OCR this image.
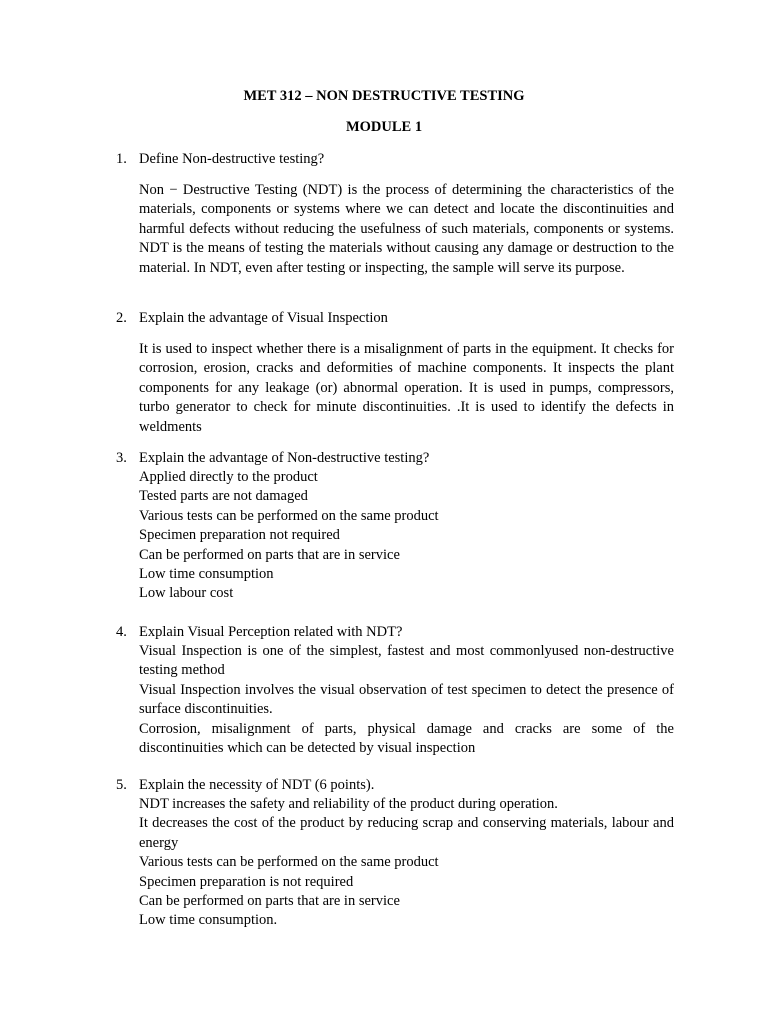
MET 312 – NON DESTRUCTIVE TESTING
MODULE 1
1. Define Non-destructive testing?
Non − Destructive Testing (NDT) is the process of determining the characteristics of the materials, components or systems where we can detect and locate the discontinuities and harmful defects without reducing the usefulness of such materials, components or systems. NDT is the means of testing the materials without causing any damage or destruction to the material. In NDT, even after testing or inspecting, the sample will serve its purpose.
2. Explain the advantage of Visual Inspection
It is used to inspect whether there is a misalignment of parts in the equipment. It checks for corrosion, erosion, cracks and deformities of machine components. It inspects the plant components for any leakage (or) abnormal operation. It is used in pumps, compressors, turbo generator to check for minute discontinuities. .It is used to identify the defects in weldments
3. Explain the advantage of Non-destructive testing?
Applied directly to the product
Tested parts are not damaged
Various tests can be performed on the same product
Specimen preparation not required
Can be performed on parts that are in service
Low time consumption
Low labour cost
4. Explain Visual Perception related with NDT?
Visual Inspection is one of the simplest, fastest and most commonlyused non-destructive testing method
Visual Inspection involves the visual observation of test specimen to detect the presence of surface discontinuities.
Corrosion, misalignment of parts, physical damage and cracks are some of the discontinuities which can be detected by visual inspection
5. Explain the necessity of NDT (6 points).
NDT increases the safety and reliability of the product during operation.
It decreases the cost of the product by reducing scrap and conserving materials, labour and energy
Various tests can be performed on the same product
Specimen preparation is not required
Can be performed on parts that are in service
Low time consumption.
